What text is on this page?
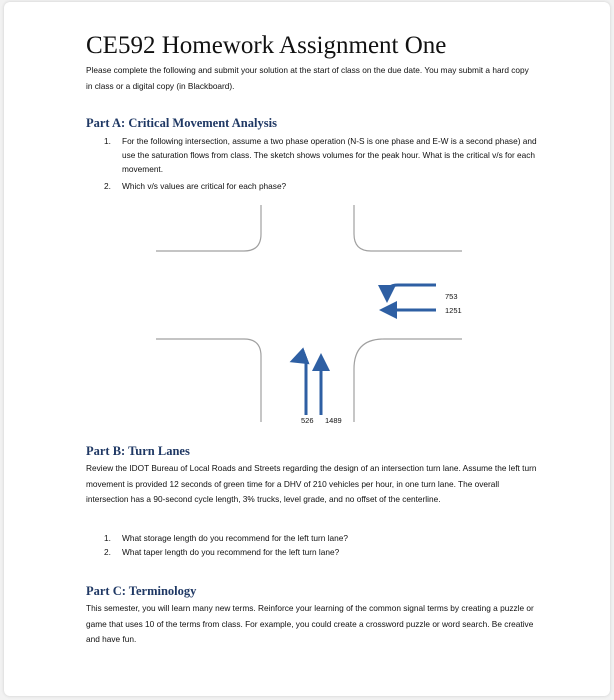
CE592 Homework Assignment One
Please complete the following and submit your solution at the start of class on the due date. You may submit a hard copy in class or a digital copy (in Blackboard).
Part A: Critical Movement Analysis
1. For the following intersection, assume a two phase operation (N-S is one phase and E-W is a second phase) and use the saturation flows from class. The sketch shows volumes for the peak hour. What is the critical v/s for each movement.
2. Which v/s values are critical for each phase?
753
1251
526 1489
Part B: Turn Lanes
Review the IDOT Bureau of Local Roads and Streets regarding the design of an intersection turn lane. Assume the left turn movement is provided 12 seconds of green time for a DHV of 210 vehicles per hour, in one turn lane. The overall intersection has a 90-second cycle length, 3% trucks, level grade, and no offset of the centerline.
1. What storage length do you recommend for the left turn lane?
2. What taper length do you recommend for the left turn lane?
Part C: Terminology
This semester, you will learn many new terms. Reinforce your learning of the common signal terms by creating a puzzle or game that uses 10 of the terms from class. For example, you could create a crossword puzzle or word search. Be creative and have fun.
